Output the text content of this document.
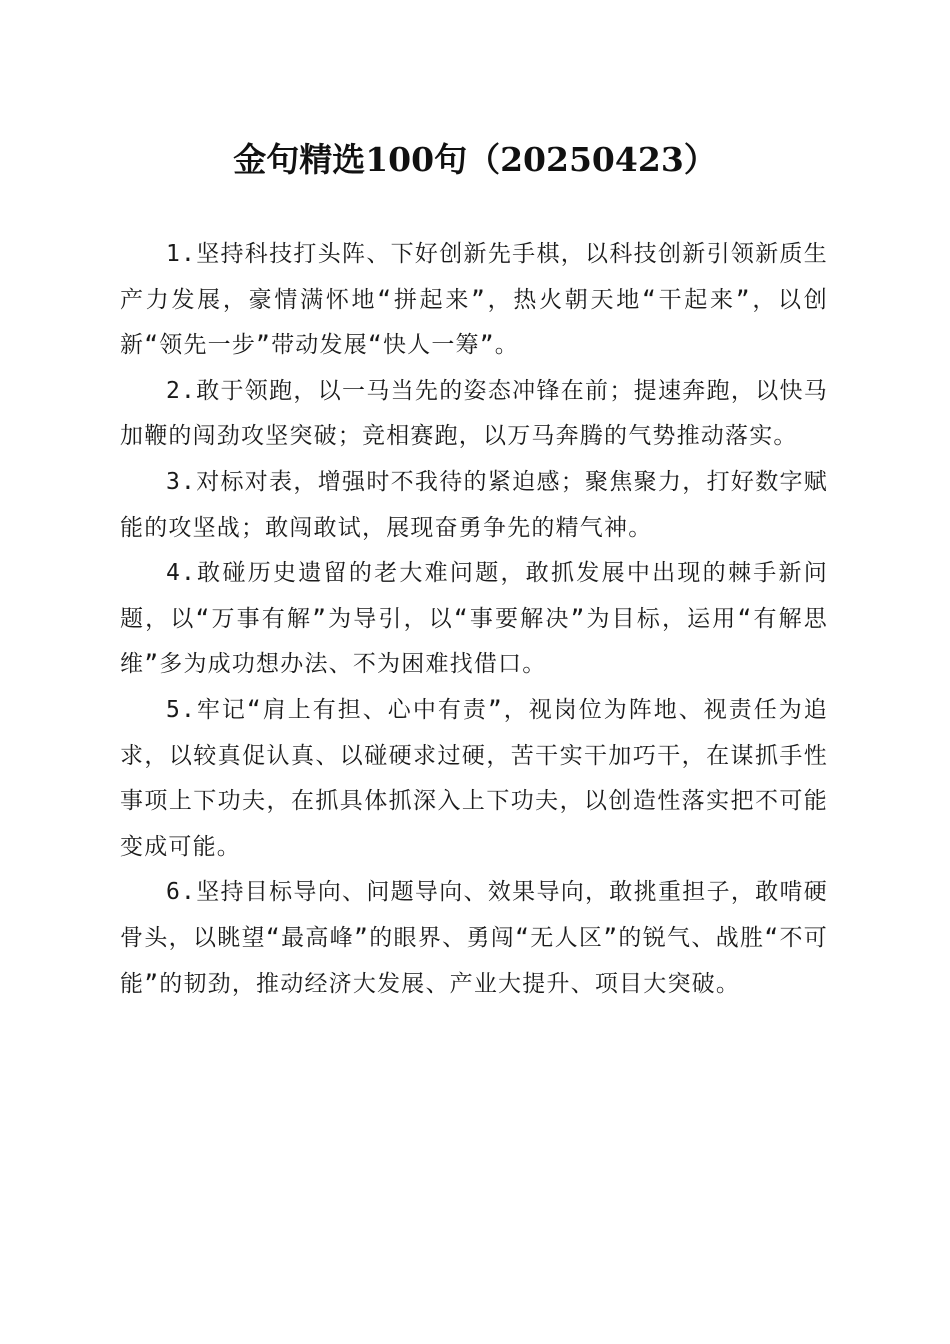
金句精选100句（20250423）

1.坚持科技打头阵、下好创新先手棋，以科技创新引领新质生产力发展，豪情满怀地“拼起来”，热火朝天地“干起来”，以创新“领先一步”带动发展“快人一筹”。

2.敢于领跑，以一马当先的姿态冲锋在前；提速奔跑，以快马加鞭的闯劲攻坚突破；竞相赛跑，以万马奔腾的气势推动落实。

3.对标对表，增强时不我待的紧迫感；聚焦聚力，打好数字赋能的攻坚战；敢闯敢试，展现奋勇争先的精气神。

4.敢碰历史遗留的老大难问题，敢抓发展中出现的棘手新问题，以“万事有解”为导引，以“事要解决”为目标，运用“有解思维”多为成功想办法、不为困难找借口。

5.牢记“肩上有担、心中有责”，视岗位为阵地、视责任为追求，以较真促认真、以碰硬求过硬，苦干实干加巧干，在谋抓手性事项上下功夫，在抓具体抓深入上下功夫，以创造性落实把不可能变成可能。

6.坚持目标导向、问题导向、效果导向，敢挑重担子，敢啃硬骨头，以眺望“最高峰”的眼界、勇闯“无人区”的锐气、战胜“不可能”的韧劲，推动经济大发展、产业大提升、项目大突破。
